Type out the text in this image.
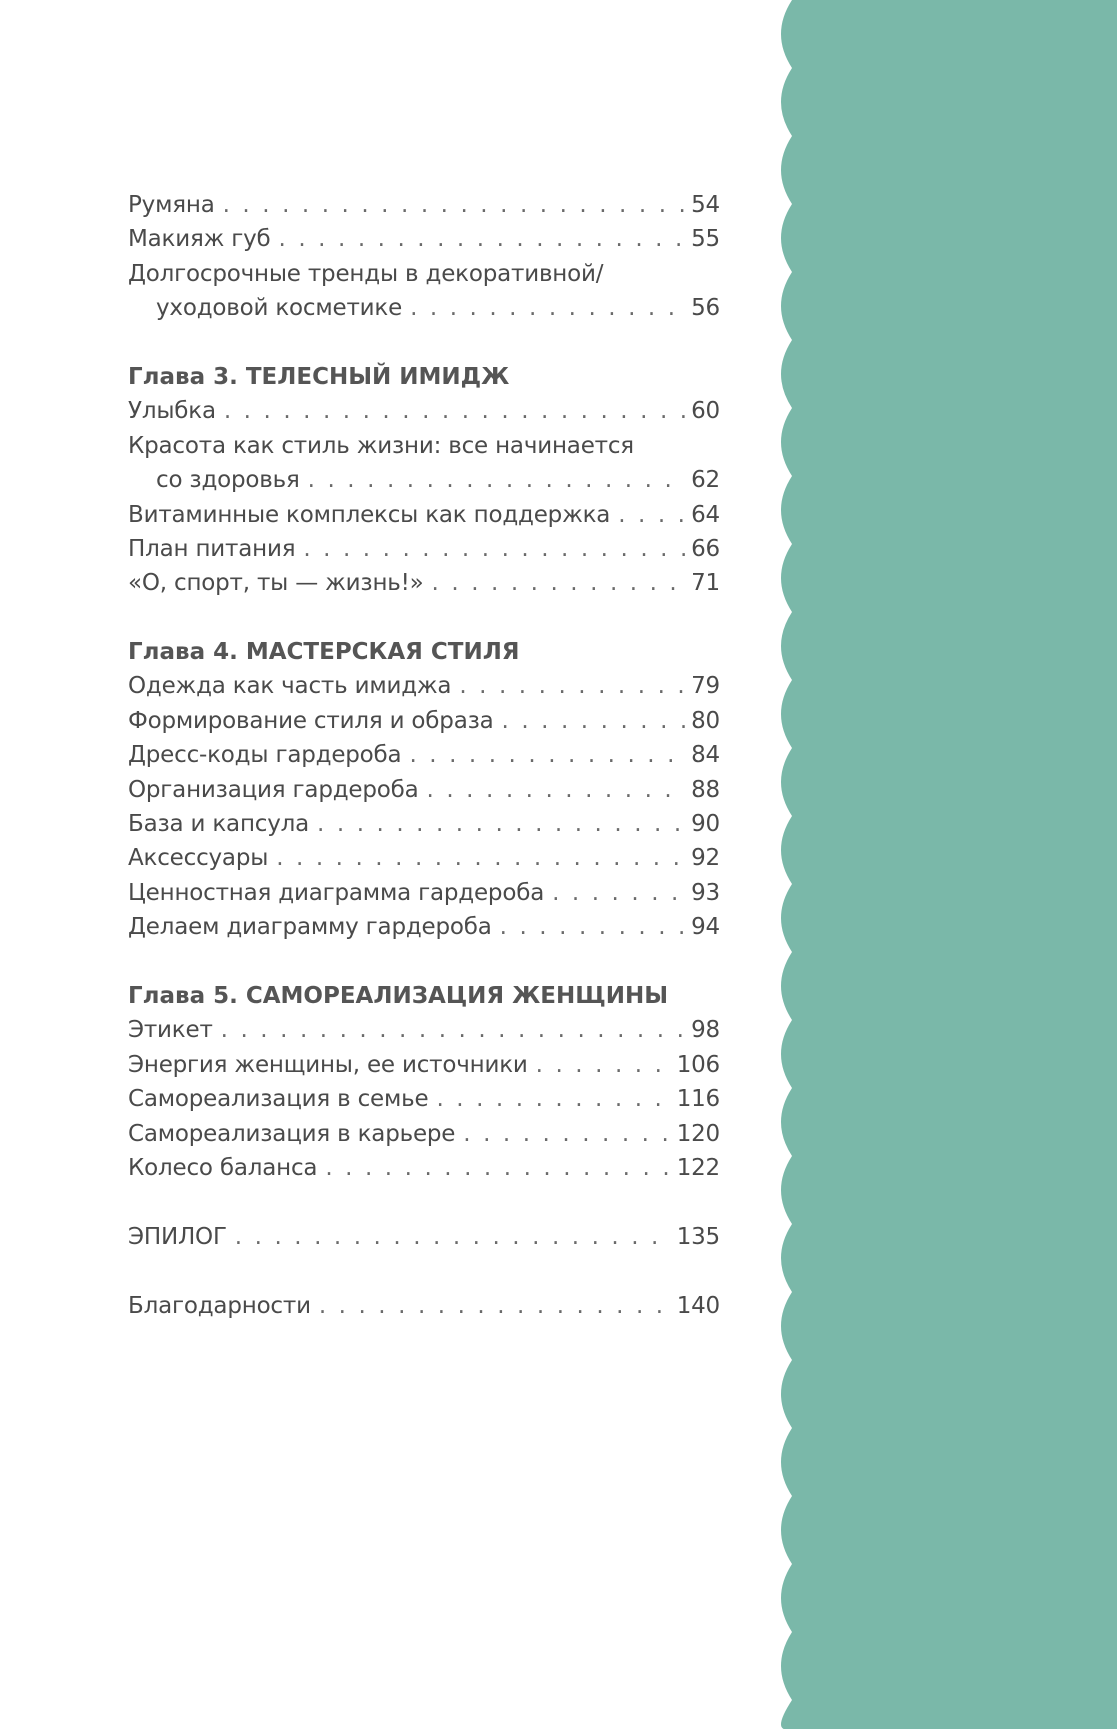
Румяна . . .	54
Макияж губ . . .	55
Долгосрочные тренды в декоративной/
уходовой косметике . . .	56
Глава 3. ТЕЛЕСНЫЙ ИМИДЖ
Улыбка . . .	60
Красота как стиль жизни: все начинается
со здоровья . . .	62
Витаминные комплексы как поддержка . . .	64
План питания . . .	66
«О, спорт, ты — жизнь!» . . .	71
Глава 4. МАСТЕРСКАЯ СТИЛЯ
Одежда как часть имиджа . . .	79
Формирование стиля и образа . . .	80
Дресс-коды гардероба . . .	84
Организация гардероба . . .	88
База и капсула . . .	90
Аксессуары . . .	92
Ценностная диаграмма гардероба . . .	93
Делаем диаграмму гардероба . . .	94
Глава 5. САМОРЕАЛИЗАЦИЯ ЖЕНЩИНЫ
Этикет . . .	98
Энергия женщины, ее источники . . .	106
Самореализация в семье . . .	116
Самореализация в карьере . . .	120
Колесо баланса . . .	122
ЭПИЛОГ . . .	135
Благодарности . . .	140
